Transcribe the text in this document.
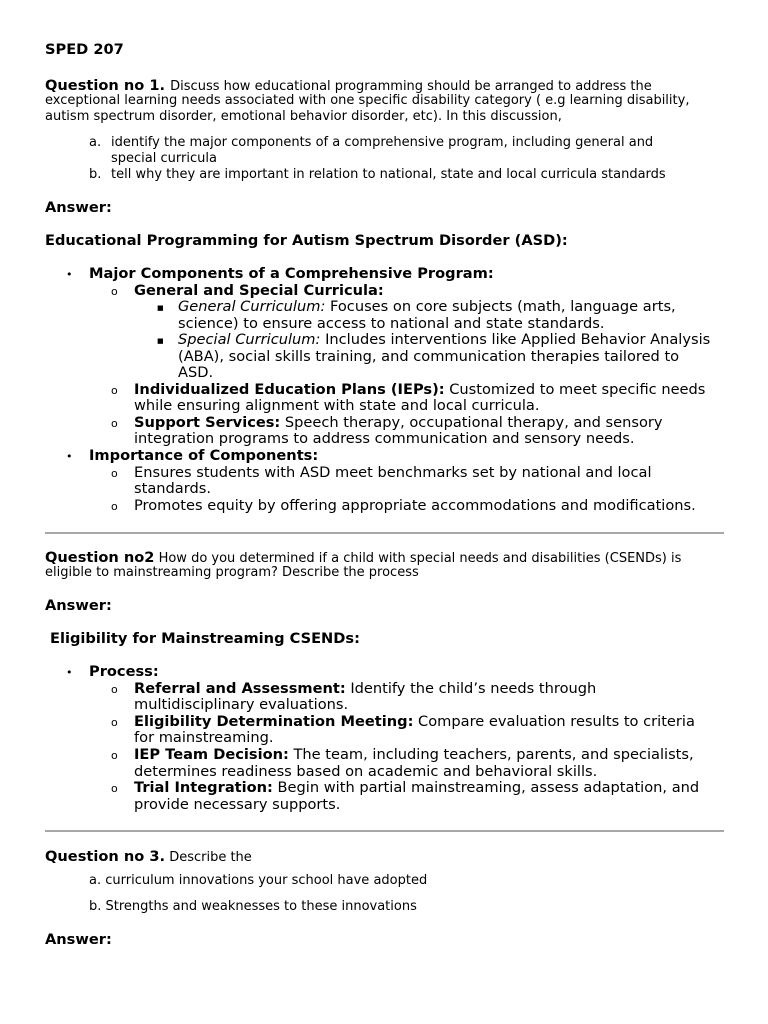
SPED 207
Question no 1. Discuss how educational programming should be arranged to address the
exceptional learning needs associated with one specific disability category ( e.g learning disability,
autism spectrum disorder, emotional behavior disorder, etc). In this discussion,
a. identify the major components of a comprehensive program, including general and
special curricula
b. tell why they are important in relation to national, state and local curricula standards
Answer:
Educational Programming for Autism Spectrum Disorder (ASD):
• Major Components of a Comprehensive Program:
o General and Special Curricula:
■ General Curriculum: Focuses on core subjects (math, language arts,
science) to ensure access to national and state standards.
■ Special Curriculum: Includes interventions like Applied Behavior Analysis
(ABA), social skills training, and communication therapies tailored to
ASD.
o Individualized Education Plans (IEPs): Customized to meet specific needs
while ensuring alignment with state and local curricula.
o Support Services: Speech therapy, occupational therapy, and sensory
integration programs to address communication and sensory needs.
• Importance of Components:
o Ensures students with ASD meet benchmarks set by national and local
standards.
o Promotes equity by offering appropriate accommodations and modifications.
Question no2 How do you determined if a child with special needs and disabilities (CSENDs) is
eligible to mainstreaming program? Describe the process
Answer:
Eligibility for Mainstreaming CSENDs:
• Process:
o Referral and Assessment: Identify the child’s needs through
multidisciplinary evaluations.
o Eligibility Determination Meeting: Compare evaluation results to criteria
for mainstreaming.
o IEP Team Decision: The team, including teachers, parents, and specialists,
determines readiness based on academic and behavioral skills.
o Trial Integration: Begin with partial mainstreaming, assess adaptation, and
provide necessary supports.
Question no 3. Describe the
a. curriculum innovations your school have adopted
b. Strengths and weaknesses to these innovations
Answer:
